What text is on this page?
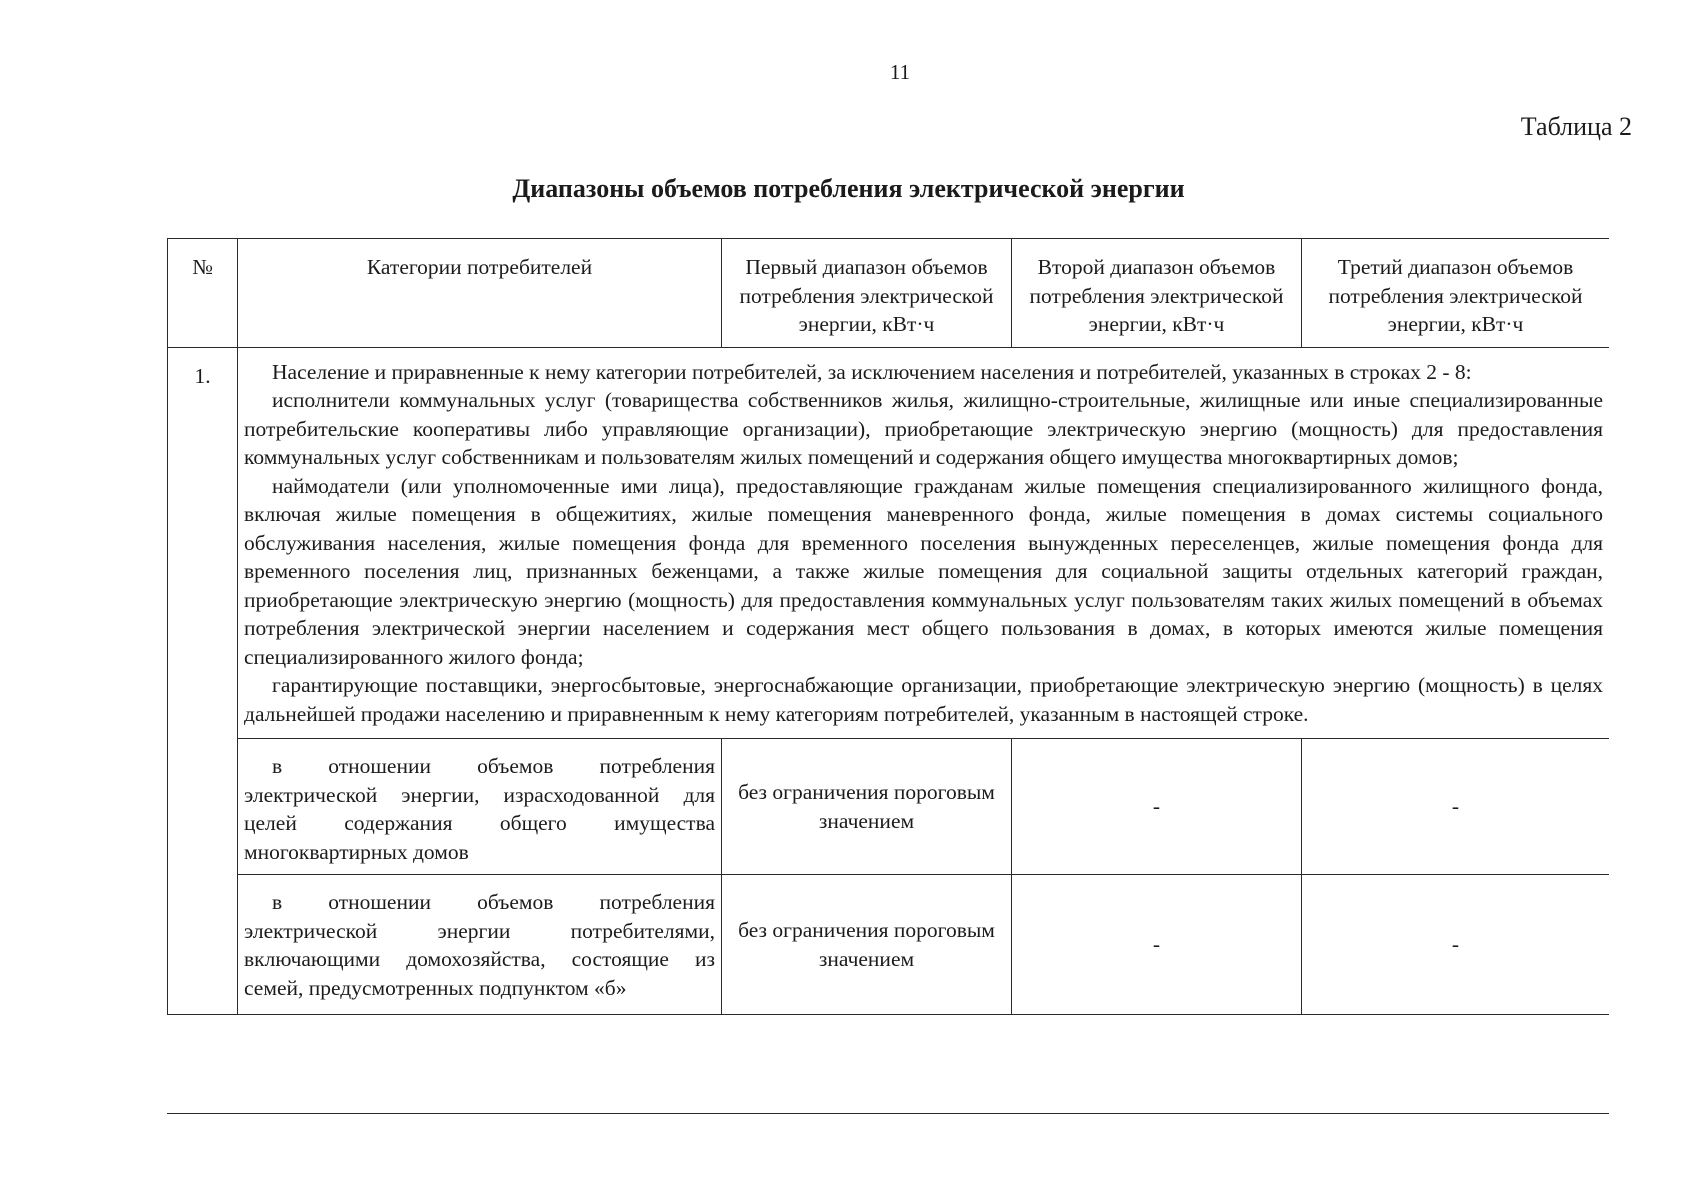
11
Таблица 2
Диапазоны объемов потребления электрической энергии
№	Категории потребителей	Первый диапазон объемов потребления электрической энергии, кВт·ч	Второй диапазон объемов потребления электрической энергии, кВт·ч	Третий диапазон объемов потребления электрической энергии, кВт·ч
1.	Население и приравненные к нему категории потребителей, за исключением населения и потребителей, указанных в строках 2 - 8:

исполнители коммунальных услуг (товарищества собственников жилья, жилищно-строительные, жилищные или иные специализированные потребительские кооперативы либо управляющие организации), приобретающие электрическую энергию (мощность) для предоставления коммунальных услуг собственникам и пользователям жилых помещений и содержания общего имущества многоквартирных домов;

наймодатели (или уполномоченные ими лица), предоставляющие гражданам жилые помещения специализированного жилищного фонда, включая жилые помещения в общежитиях, жилые помещения маневренного фонда, жилые помещения в домах системы социального обслуживания населения, жилые помещения фонда для временного поселения вынужденных переселенцев, жилые помещения фонда для временного поселения лиц, признанных беженцами, а также жилые помещения для социальной защиты отдельных категорий граждан, приобретающие электрическую энергию (мощность) для предоставления коммунальных услуг пользователям таких жилых помещений в объемах потребления электрической энергии населением и содержания мест общего пользования в домах, в которых имеются жилые помещения специализированного жилого фонда;

гарантирующие поставщики, энергосбытовые, энергоснабжающие организации, приобретающие электрическую энергию (мощность) в целях дальнейшей продажи населению и приравненным к нему категориям потребителей, указанным в настоящей строке.			

	в отношении объемов потребления электрической энергии, израсходованной для целей содержания общего имущества многоквартирных домов	без ограничения пороговым значением	-	-

	в отношении объемов потребления электрической энергии потребителями, включающими домохозяйства, состоящие из семей, предусмотренных подпунктом «б»	без ограничения пороговым значением	-	-
